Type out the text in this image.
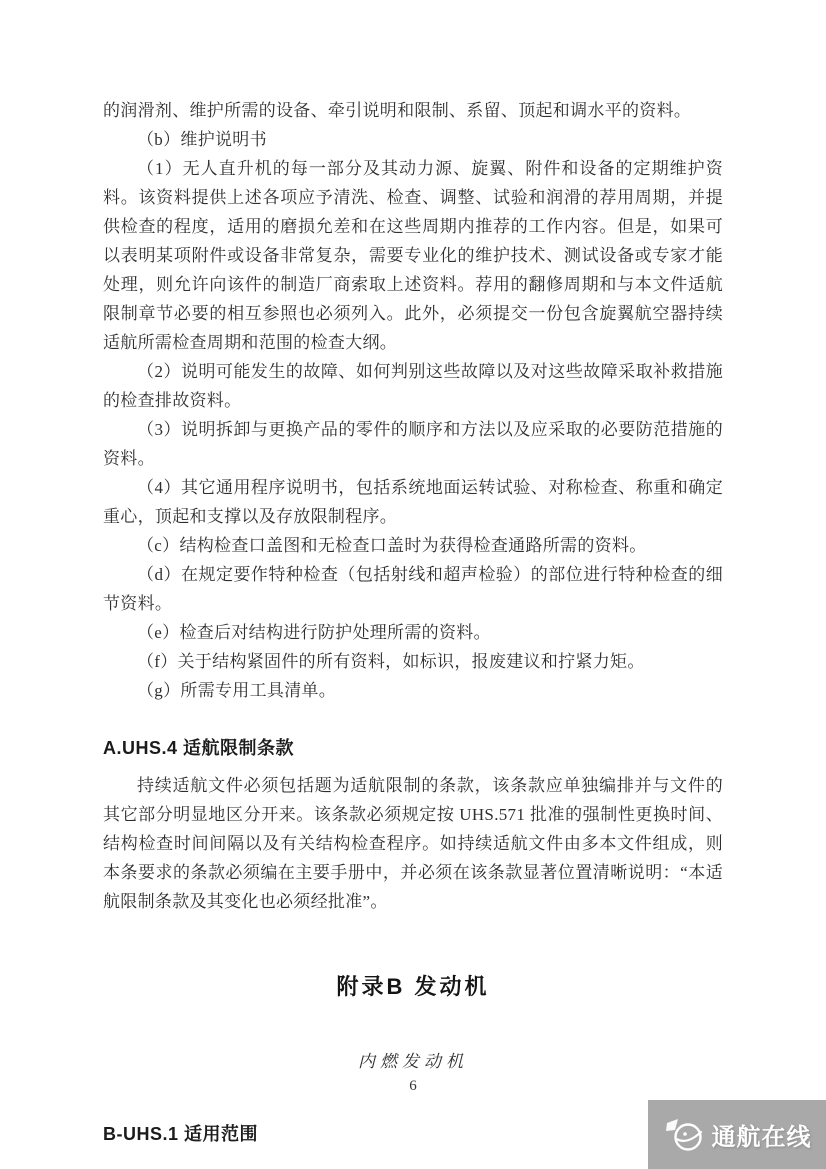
的润滑剂、维护所需的设备、牵引说明和限制、系留、顶起和调水平的资料。

（b）维护说明书

（1）无人直升机的每一部分及其动力源、旋翼、附件和设备的定期维护资料。该资料提供上述各项应予清洗、检查、调整、试验和润滑的荐用周期，并提供检查的程度，适用的磨损允差和在这些周期内推荐的工作内容。但是，如果可以表明某项附件或设备非常复杂，需要专业化的维护技术、测试设备或专家才能处理，则允许向该件的制造厂商索取上述资料。荐用的翻修周期和与本文件适航限制章节必要的相互参照也必须列入。此外，必须提交一份包含旋翼航空器持续适航所需检查周期和范围的检查大纲。

（2）说明可能发生的故障、如何判别这些故障以及对这些故障采取补救措施的检查排故资料。

（3）说明拆卸与更换产品的零件的顺序和方法以及应采取的必要防范措施的资料。

（4）其它通用程序说明书，包括系统地面运转试验、对称检查、称重和确定重心，顶起和支撑以及存放限制程序。

（c）结构检查口盖图和无检查口盖时为获得检查通路所需的资料。

（d）在规定要作特种检查（包括射线和超声检验）的部位进行特种检查的细节资料。

（e）检查后对结构进行防护处理所需的资料。

（f）关于结构紧固件的所有资料，如标识，报废建议和拧紧力矩。

（g）所需专用工具清单。

A.UHS.4 适航限制条款

持续适航文件必须包括题为适航限制的条款，该条款应单独编排并与文件的其它部分明显地区分开来。该条款必须规定按 UHS.571 批准的强制性更换时间、结构检查时间间隔以及有关结构检查程序。如持续适航文件由多本文件组成，则本条要求的条款必须编在主要手册中，并必须在该条款显著位置清晰说明：“本适航限制条款及其变化也必须经批准”。

附录B 发动机

内燃发动机

B-UHS.1 适用范围
6
通航在线
